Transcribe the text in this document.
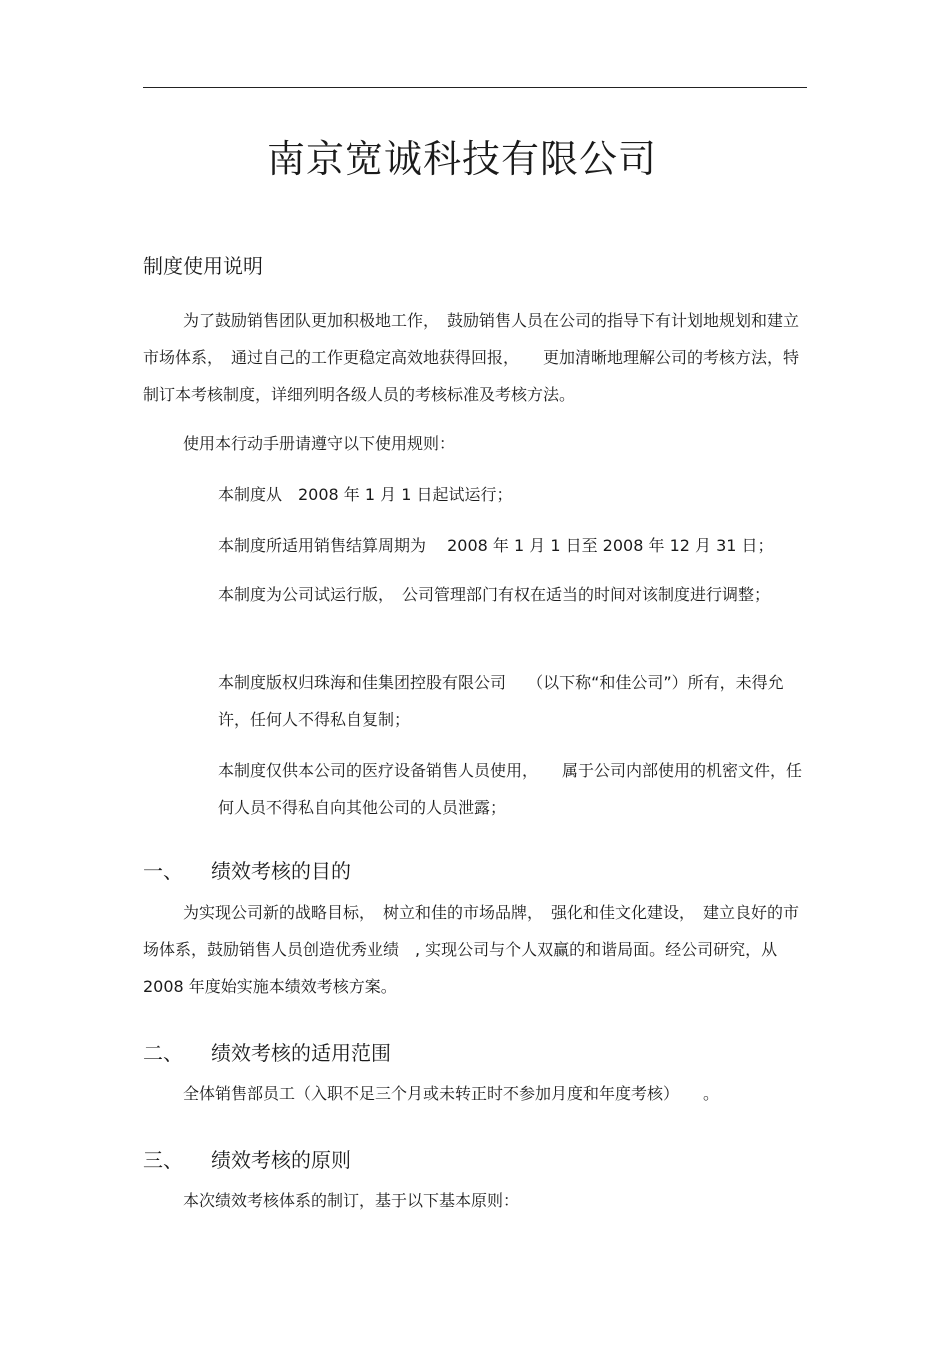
南京宽诚科技有限公司
制度使用说明

为了鼓励销售团队更加积极地工作，　鼓励销售人员在公司的指导下有计划地规划和建立市场体系，　通过自己的工作更稳定高效地获得回报，　　更加清晰地理解公司的考核方法，特制订本考核制度，详细列明各级人员的考核标准及考核方法。

使用本行动手册请遵守以下使用规则：

本制度从　2008 年 1 月 1 日起试运行；

本制度所适用销售结算周期为　 2008 年 1 月 1 日至 2008 年 12 月 31 日；

本制度为公司试运行版，　公司管理部门有权在适当的时间对该制度进行调整；

本制度版权归珠海和佳集团控股有限公司　 （以下称“和佳公司”）所有，未得允许，任何人不得私自复制；

本制度仅供本公司的医疗设备销售人员使用，　　属于公司内部使用的机密文件，任何人员不得私自向其他公司的人员泄露；

一、 绩效考核的目的

为实现公司新的战略目标，　树立和佳的市场品牌，　强化和佳文化建设，　建立良好的市场体系，鼓励销售人员创造优秀业绩　, 实现公司与个人双赢的和谐局面。经公司研究，从　2008 年度始实施本绩效考核方案。

二、 绩效考核的适用范围

全体销售部员工（入职不足三个月或未转正时不参加月度和年度考核）　　。

三、 绩效考核的原则

本次绩效考核体系的制订，基于以下基本原则：
